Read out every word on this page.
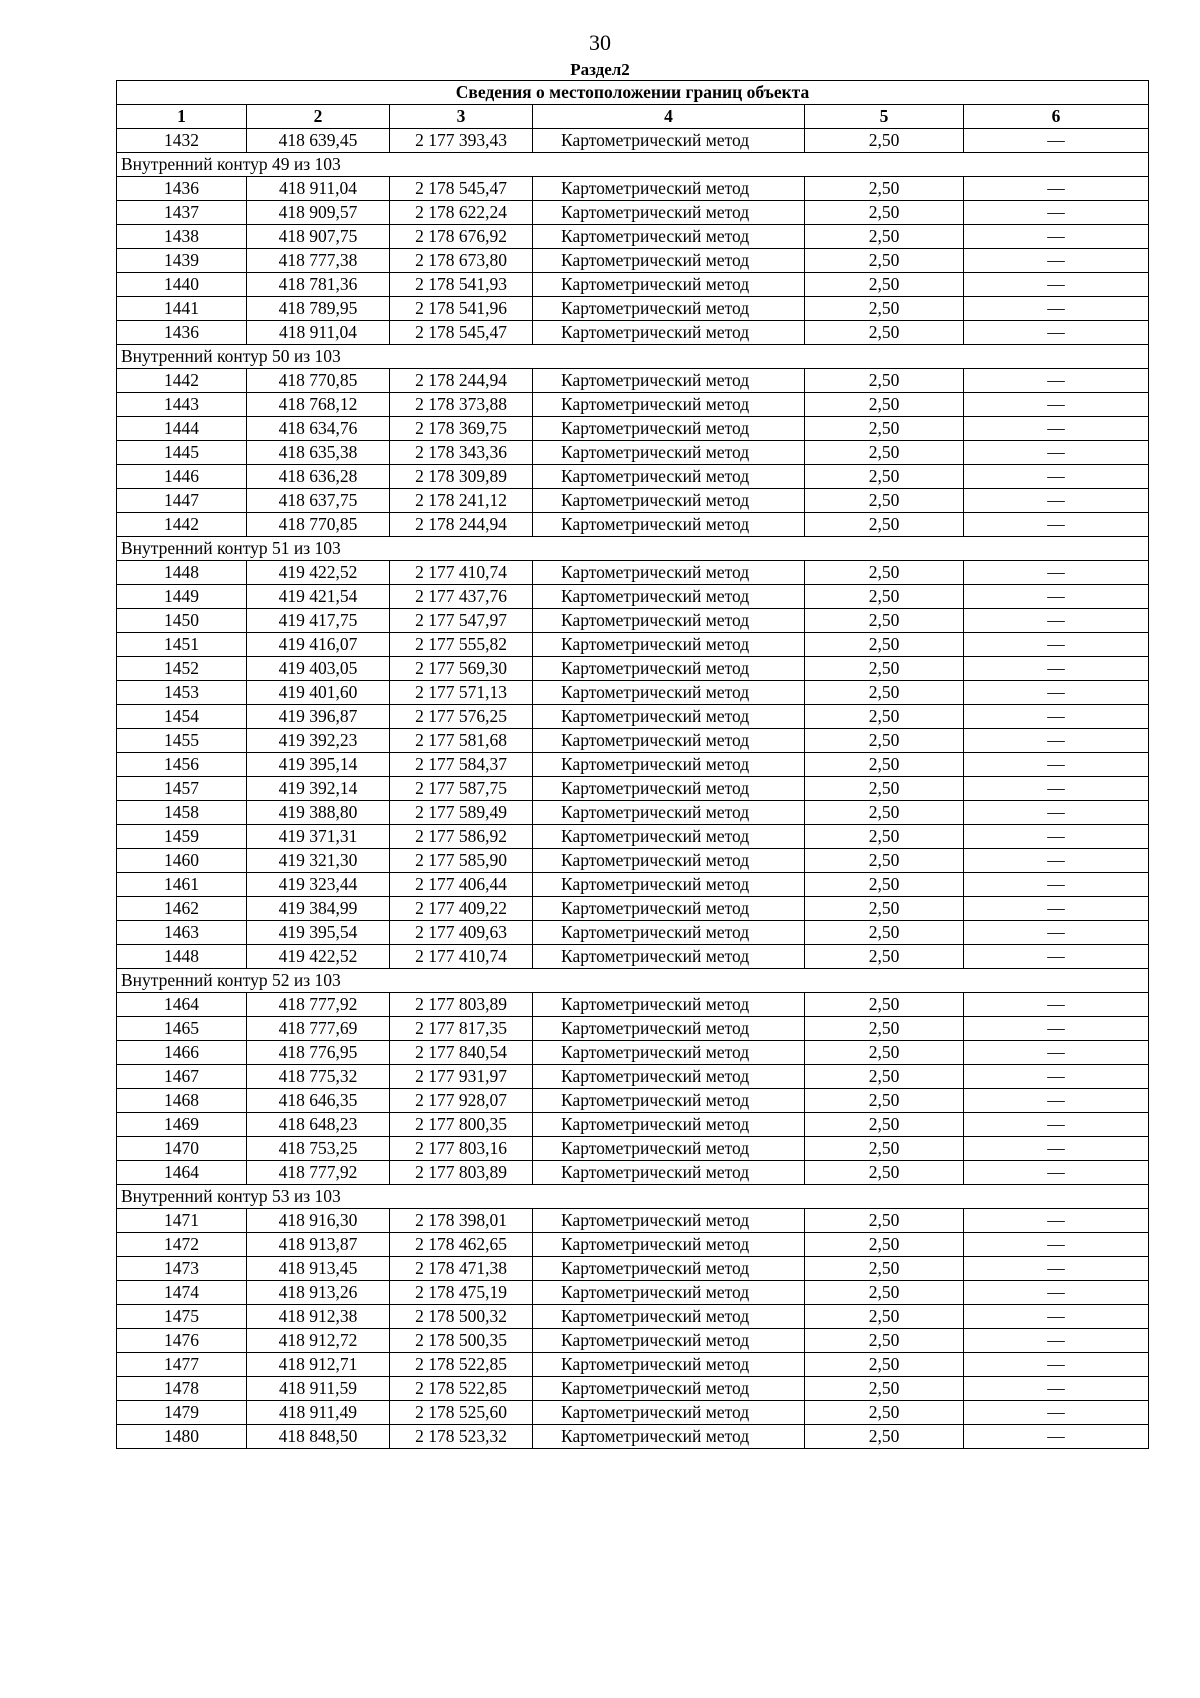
30
Раздел2
Сведения о местоположении границ объекта					
1	2	3	4	5	6
1432	418 639,45	2 177 393,43	Картометрический метод	2,50	—
Внутренний контур 49 из 103					
1436	418 911,04	2 178 545,47	Картометрический метод	2,50	—
1437	418 909,57	2 178 622,24	Картометрический метод	2,50	—
1438	418 907,75	2 178 676,92	Картометрический метод	2,50	—
1439	418 777,38	2 178 673,80	Картометрический метод	2,50	—
1440	418 781,36	2 178 541,93	Картометрический метод	2,50	—
1441	418 789,95	2 178 541,96	Картометрический метод	2,50	—
1436	418 911,04	2 178 545,47	Картометрический метод	2,50	—
Внутренний контур 50 из 103					
1442	418 770,85	2 178 244,94	Картометрический метод	2,50	—
1443	418 768,12	2 178 373,88	Картометрический метод	2,50	—
1444	418 634,76	2 178 369,75	Картометрический метод	2,50	—
1445	418 635,38	2 178 343,36	Картометрический метод	2,50	—
1446	418 636,28	2 178 309,89	Картометрический метод	2,50	—
1447	418 637,75	2 178 241,12	Картометрический метод	2,50	—
1442	418 770,85	2 178 244,94	Картометрический метод	2,50	—
Внутренний контур 51 из 103					
1448	419 422,52	2 177 410,74	Картометрический метод	2,50	—
1449	419 421,54	2 177 437,76	Картометрический метод	2,50	—
1450	419 417,75	2 177 547,97	Картометрический метод	2,50	—
1451	419 416,07	2 177 555,82	Картометрический метод	2,50	—
1452	419 403,05	2 177 569,30	Картометрический метод	2,50	—
1453	419 401,60	2 177 571,13	Картометрический метод	2,50	—
1454	419 396,87	2 177 576,25	Картометрический метод	2,50	—
1455	419 392,23	2 177 581,68	Картометрический метод	2,50	—
1456	419 395,14	2 177 584,37	Картометрический метод	2,50	—
1457	419 392,14	2 177 587,75	Картометрический метод	2,50	—
1458	419 388,80	2 177 589,49	Картометрический метод	2,50	—
1459	419 371,31	2 177 586,92	Картометрический метод	2,50	—
1460	419 321,30	2 177 585,90	Картометрический метод	2,50	—
1461	419 323,44	2 177 406,44	Картометрический метод	2,50	—
1462	419 384,99	2 177 409,22	Картометрический метод	2,50	—
1463	419 395,54	2 177 409,63	Картометрический метод	2,50	—
1448	419 422,52	2 177 410,74	Картометрический метод	2,50	—
Внутренний контур 52 из 103					
1464	418 777,92	2 177 803,89	Картометрический метод	2,50	—
1465	418 777,69	2 177 817,35	Картометрический метод	2,50	—
1466	418 776,95	2 177 840,54	Картометрический метод	2,50	—
1467	418 775,32	2 177 931,97	Картометрический метод	2,50	—
1468	418 646,35	2 177 928,07	Картометрический метод	2,50	—
1469	418 648,23	2 177 800,35	Картометрический метод	2,50	—
1470	418 753,25	2 177 803,16	Картометрический метод	2,50	—
1464	418 777,92	2 177 803,89	Картометрический метод	2,50	—
Внутренний контур 53 из 103					
1471	418 916,30	2 178 398,01	Картометрический метод	2,50	—
1472	418 913,87	2 178 462,65	Картометрический метод	2,50	—
1473	418 913,45	2 178 471,38	Картометрический метод	2,50	—
1474	418 913,26	2 178 475,19	Картометрический метод	2,50	—
1475	418 912,38	2 178 500,32	Картометрический метод	2,50	—
1476	418 912,72	2 178 500,35	Картометрический метод	2,50	—
1477	418 912,71	2 178 522,85	Картометрический метод	2,50	—
1478	418 911,59	2 178 522,85	Картометрический метод	2,50	—
1479	418 911,49	2 178 525,60	Картометрический метод	2,50	—
1480	418 848,50	2 178 523,32	Картометрический метод	2,50	—
